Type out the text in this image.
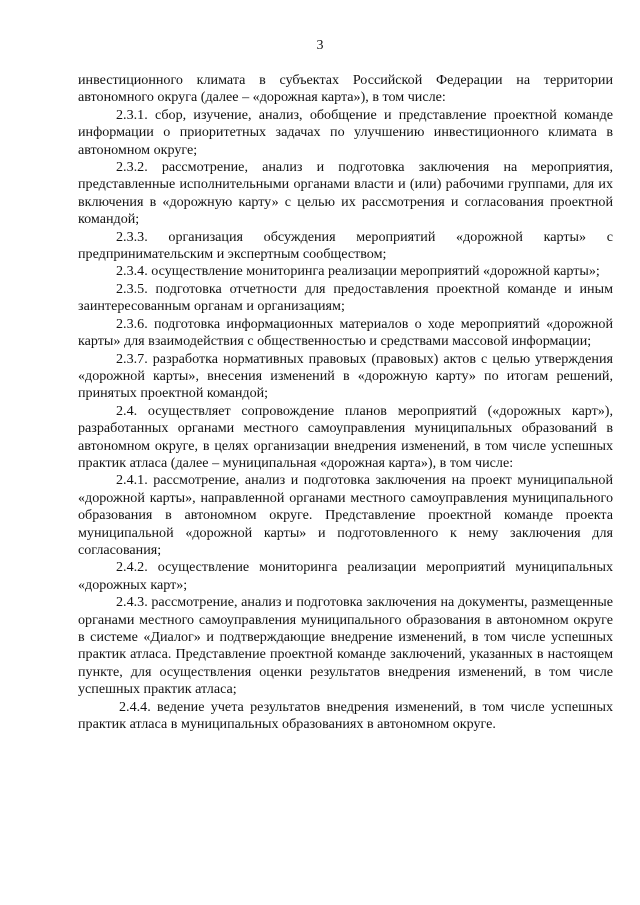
3

инвестиционного климата в субъектах Российской Федерации на территории автономного округа (далее – «дорожная карта»), в том числе:

2.3.1. сбор, изучение, анализ, обобщение и представление проектной команде информации о приоритетных задачах по улучшению инвестиционного климата в автономном округе;

2.3.2. рассмотрение, анализ и подготовка заключения на мероприятия, представленные исполнительными органами власти и (или) рабочими группами, для их включения в «дорожную карту» с целью их рассмотрения и согласования проектной командой;

2.3.3. организация обсуждения мероприятий «дорожной карты» с предпринимательским и экспертным сообществом;

2.3.4. осуществление мониторинга реализации мероприятий «дорожной карты»;

2.3.5. подготовка отчетности для предоставления проектной команде и иным заинтересованным органам и организациям;

2.3.6. подготовка информационных материалов о ходе мероприятий «дорожной карты» для взаимодействия с общественностью и средствами массовой информации;

2.3.7. разработка нормативных правовых (правовых) актов с целью утверждения «дорожной карты», внесения изменений в «дорожную карту» по итогам решений, принятых проектной командой;

2.4. осуществляет сопровождение планов мероприятий («дорожных карт»), разработанных органами местного самоуправления муниципальных образований в автономном округе, в целях организации внедрения изменений, в том числе успешных практик атласа (далее – муниципальная «дорожная карта»), в том числе:

2.4.1. рассмотрение, анализ и подготовка заключения на проект муниципальной «дорожной карты», направленной органами местного самоуправления муниципального образования в автономном округе. Представление проектной команде проекта муниципальной «дорожной карты» и подготовленного к нему заключения для согласования;

2.4.2. осуществление мониторинга реализации мероприятий муниципальных «дорожных карт»;

2.4.3. рассмотрение, анализ и подготовка заключения на документы, размещенные органами местного самоуправления муниципального образования в автономном округе в системе «Диалог» и подтверждающие внедрение изменений, в том числе успешных практик атласа. Представление проектной команде заключений, указанных в настоящем пункте, для осуществления оценки результатов внедрения изменений, в том числе успешных практик атласа;

2.4.4. ведение учета результатов внедрения изменений, в том числе успешных практик атласа в муниципальных образованиях в автономном округе.
